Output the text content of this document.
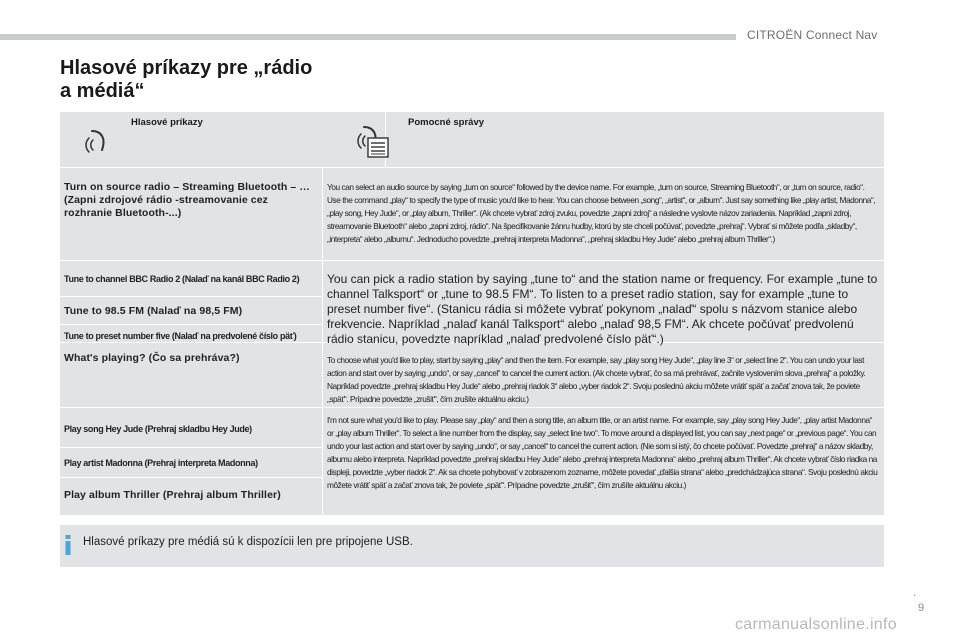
CITROËN Connect Nav
Hlasové príkazy pre „rádio
a médiá“
Hlasové príkazy	Pomocné správy
Turn on source radio – Streaming Bluetooth – … (Zapni zdrojové rádio -streamovanie cez rozhranie Bluetooth-...)
You can select an audio source by saying „turn on source“ followed by the device name. For example, „turn on source, Streaming Bluetooth“, or „turn on source, radio“. Use the command „play“ to specify the type of music you'd like to hear. You can choose between „song“, „artist“, or „album“. Just say something like „play artist, Madonna“, „play song, Hey Jude“, or „play album, Thriller“. (Ak chcete vybrať zdroj zvuku, povedzte „zapni zdroj“ a následne vyslovte názov zariadenia. Napríklad „zapni zdroj, streamovanie Bluetooth“ alebo „zapni zdroj, rádio“. Na špecifikovanie žánru hudby, ktorú by ste chceli počúvať, povedzte „prehraj“. Vybrať si môžete podľa „skladby“, „interpreta“ alebo „albumu“. Jednoducho povedzte „prehraj interpreta Madonna“, „prehraj skladbu Hey Jude“ alebo „prehraj album Thriller“.)
Tune to channel BBC Radio 2 (Nalaď na kanál BBC Radio 2)
Tune to 98.5 FM (Nalaď na 98,5 FM)
Tune to preset number five (Nalaď na predvolené číslo päť)
You can pick a radio station by saying „tune to“ and the station name or frequency. For example „tune to channel Talksport“ or „tune to 98.5 FM“. To listen to a preset radio station, say for example „tune to preset number five“. (Stanicu rádia si môžete vybrať pokynom „nalaď“ spolu s názvom stanice alebo frekvencie. Napríklad „nalaď kanál Talksport“ alebo „nalaď 98,5 FM“. Ak chcete počúvať predvolenú rádio stanicu, povedzte napríklad „nalaď predvolené číslo päť“.)
What's playing? (Čo sa prehráva?)	To choose what you'd like to play, start by saying „play“ and then the item. For example, say „play song Hey Jude“, „play line 3“ or „select line 2“. You can undo your last action and start over by saying „undo“, or say „cancel“ to cancel the current action. (Ak chcete vybrať, čo sa má prehrávať, začnite vyslovením slova „prehraj“ a položky. Napríklad povedzte „prehraj skladbu Hey Jude“ alebo „prehraj riadok 3“ alebo „vyber riadok 2“. Svoju poslednú akciu môžete vrátiť späť a začať znova tak, že poviete „späť“. Prípadne povedzte „zrušiť“, čím zrušíte aktuálnu akciu.)
Play song Hey Jude (Prehraj skladbu Hey Jude)
Play artist Madonna (Prehraj interpreta Madonna)
Play album Thriller (Prehraj album Thriller)
I'm not sure what you'd like to play. Please say „play“ and then a song title, an album title, or an artist name. For example, say „play song Hey Jude“, „play artist Madonna“ or „play album Thriller“. To select a line number from the display, say „select line two“. To move around a displayed list, you can say „next page“ or „previous page“. You can undo your last action and start over by saying „undo“, or say „cancel“ to cancel the current action. (Nie som si istý, čo chcete počúvať. Povedzte „prehraj“ a názov skladby, albumu alebo interpreta. Napríklad povedzte „prehraj skladbu Hey Jude“ alebo „prehraj interpreta Madonna“ alebo „prehraj album Thriller“. Ak chcete vybrať číslo riadka na displeji, povedzte „vyber riadok 2“. Ak sa chcete pohybovať v zobrazenom zozname, môžete povedať „ďalšia strana“ alebo „predchádzajúca strana“. Svoju poslednú akciu môžete vrátiť späť a začať znova tak, že poviete „späť“. Prípadne povedzte „zrušiť“, čím zrušíte aktuálnu akciu.)
Hlasové príkazy pre médiá sú k dispozícii len pre pripojene USB.
.
9
carmanualsonline.info
